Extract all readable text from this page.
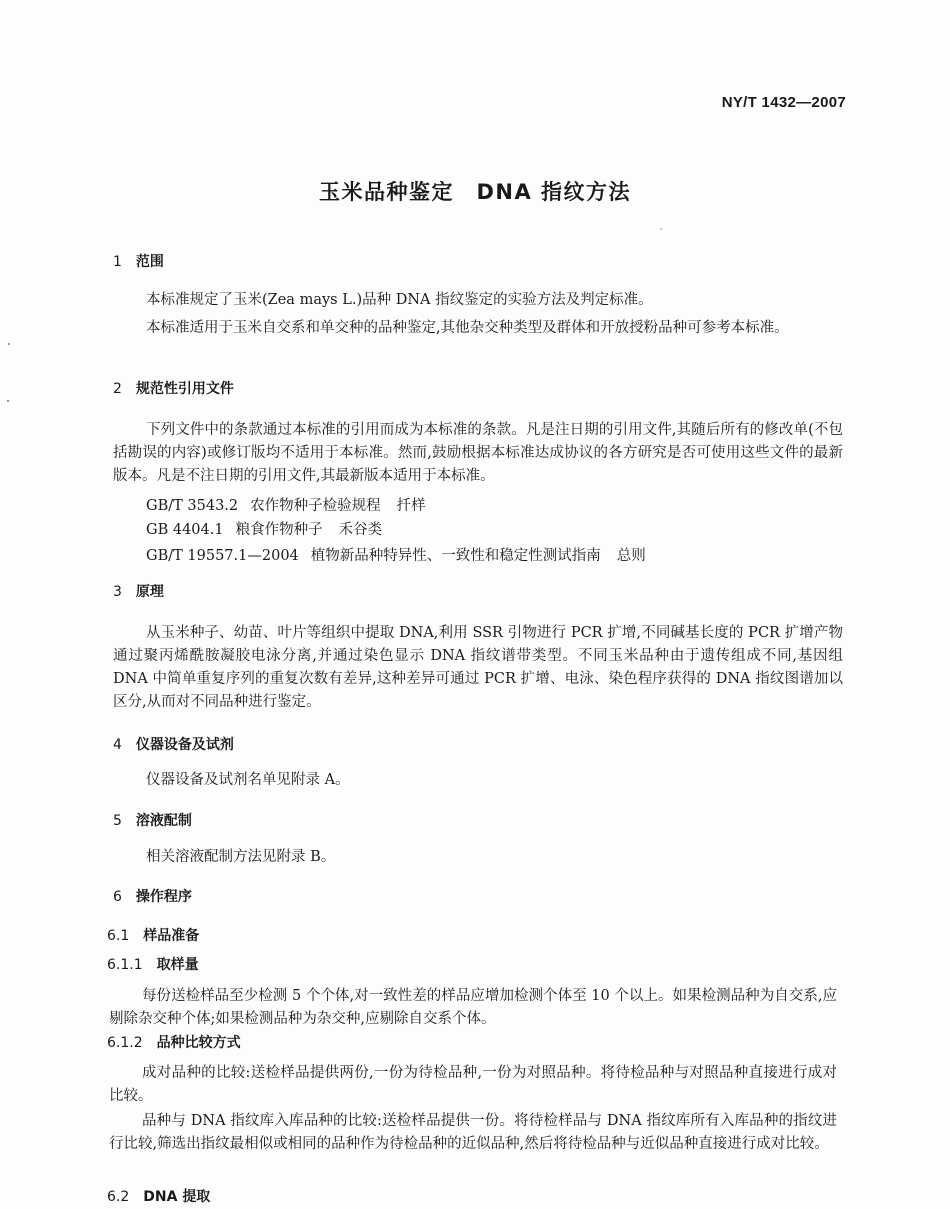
NY/T 1432—2007
玉米品种鉴定　DNA 指纹方法
1 范围
本标准规定了玉米(Zea mays L.)品种 DNA 指纹鉴定的实验方法及判定标准。
本标准适用于玉米自交系和单交种的品种鉴定,其他杂交种类型及群体和开放授粉品种可参考本标准。
2 规范性引用文件
下列文件中的条款通过本标准的引用而成为本标准的条款。凡是注日期的引用文件,其随后所有的修改单(不包括勘误的内容)或修订版均不适用于本标准。然而,鼓励根据本标准达成协议的各方研究是否可使用这些文件的最新版本。凡是不注日期的引用文件,其最新版本适用于本标准。
GB/T 3543.2 农作物种子检验规程 扦样
GB 4404.1 粮食作物种子 禾谷类
GB/T 19557.1—2004 植物新品种特异性、一致性和稳定性测试指南 总则
3 原理
从玉米种子、幼苗、叶片等组织中提取 DNA,利用 SSR 引物进行 PCR 扩增,不同碱基长度的 PCR 扩增产物通过聚丙烯酰胺凝胶电泳分离,并通过染色显示 DNA 指纹谱带类型。不同玉米品种由于遗传组成不同,基因组 DNA 中简单重复序列的重复次数有差异,这种差异可通过 PCR 扩增、电泳、染色程序获得的 DNA 指纹图谱加以区分,从而对不同品种进行鉴定。
4 仪器设备及试剂
仪器设备及试剂名单见附录 A。
5 溶液配制
相关溶液配制方法见附录 B。
6 操作程序
6.1 样品准备
6.1.1 取样量
每份送检样品至少检测 5 个个体,对一致性差的样品应增加检测个体至 10 个以上。如果检测品种为自交系,应剔除杂交种个体;如果检测品种为杂交种,应剔除自交系个体。
6.1.2 品种比较方式
成对品种的比较:送检样品提供两份,一份为待检品种,一份为对照品种。将待检品种与对照品种直接进行成对比较。
品种与 DNA 指纹库入库品种的比较:送检样品提供一份。将待检样品与 DNA 指纹库所有入库品种的指纹进行比较,筛选出指纹最相似或相同的品种作为待检品种的近似品种,然后将待检品种与近似品种直接进行成对比较。
6.2 DNA 提取
